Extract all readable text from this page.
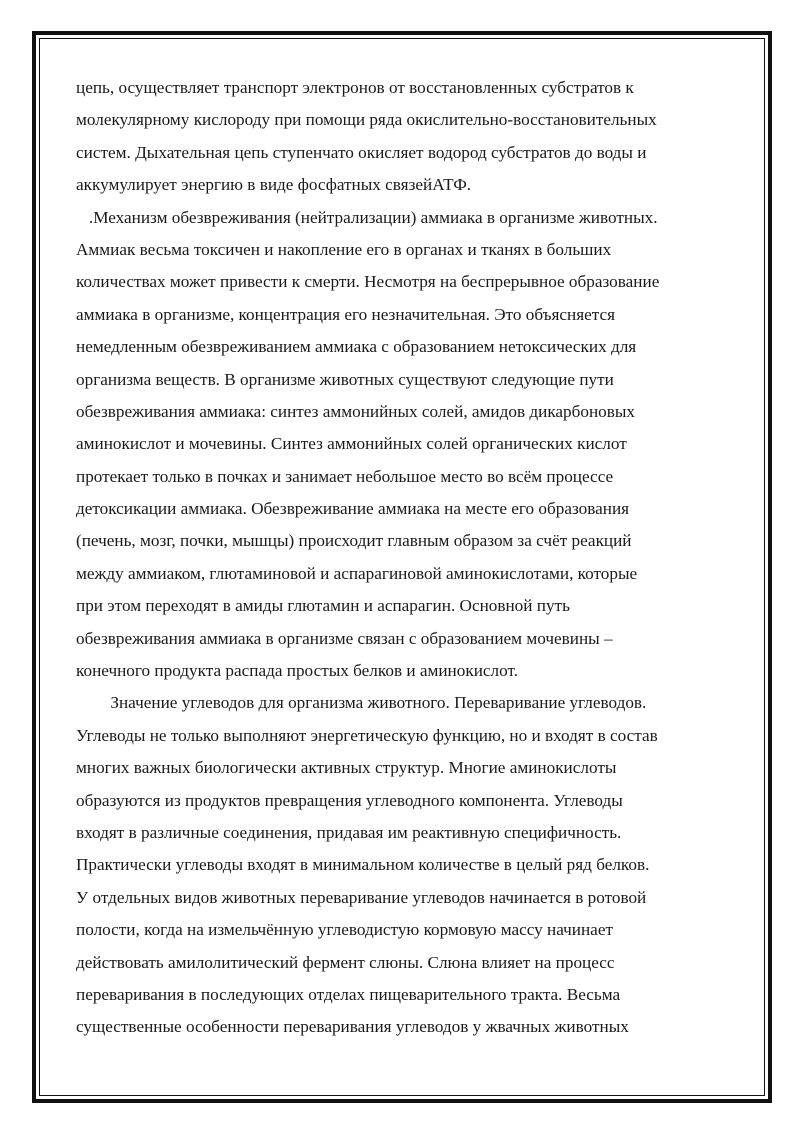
цепь, осуществляет транспорт электронов от восстановленных субстратов к
молекулярному кислороду при помощи ряда окислительно-восстановительных
систем. Дыхательная цепь ступенчато окисляет водород субстратов до воды и
аккумулирует энергию в виде фосфатных связейАТФ.
.Механизм обезвреживания (нейтрализации) аммиака в организме животных.
Аммиак весьма токсичен и накопление его в органах и тканях в больших
количествах может привести к смерти. Несмотря на беспрерывное образование
аммиака в организме, концентрация его незначительная. Это объясняется
немедленным обезвреживанием аммиака с образованием нетоксических для
организма веществ. В организме животных существуют следующие пути
обезвреживания аммиака: синтез аммонийных солей, амидов дикарбоновых
аминокислот и мочевины. Синтез аммонийных солей органических кислот
протекает только в почках и занимает небольшое место во всём процессе
детоксикации аммиака. Обезвреживание аммиака на месте его образования
(печень, мозг, почки, мышцы) происходит главным образом за счёт реакций
между аммиаком, глютаминовой и аспарагиновой аминокислотами, которые
при этом переходят в амиды глютамин и аспарагин. Основной путь
обезвреживания аммиака в организме связан с образованием мочевины –
конечного продукта распада простых белков и аминокислот.
Значение углеводов для организма животного. Переваривание углеводов.
Углеводы не только выполняют энергетическую функцию, но и входят в состав
многих важных биологически активных структур. Многие аминокислоты
образуются из продуктов превращения углеводного компонента. Углеводы
входят в различные соединения, придавая им реактивную специфичность.
Практически углеводы входят в минимальном количестве в целый ряд белков.
У отдельных видов животных переваривание углеводов начинается в ротовой
полости, когда на измельчённую углеводистую кормовую массу начинает
действовать амилолитический фермент слюны. Слюна влияет на процесс
переваривания в последующих отделах пищеварительного тракта. Весьма
существенные особенности переваривания углеводов у жвачных животных
